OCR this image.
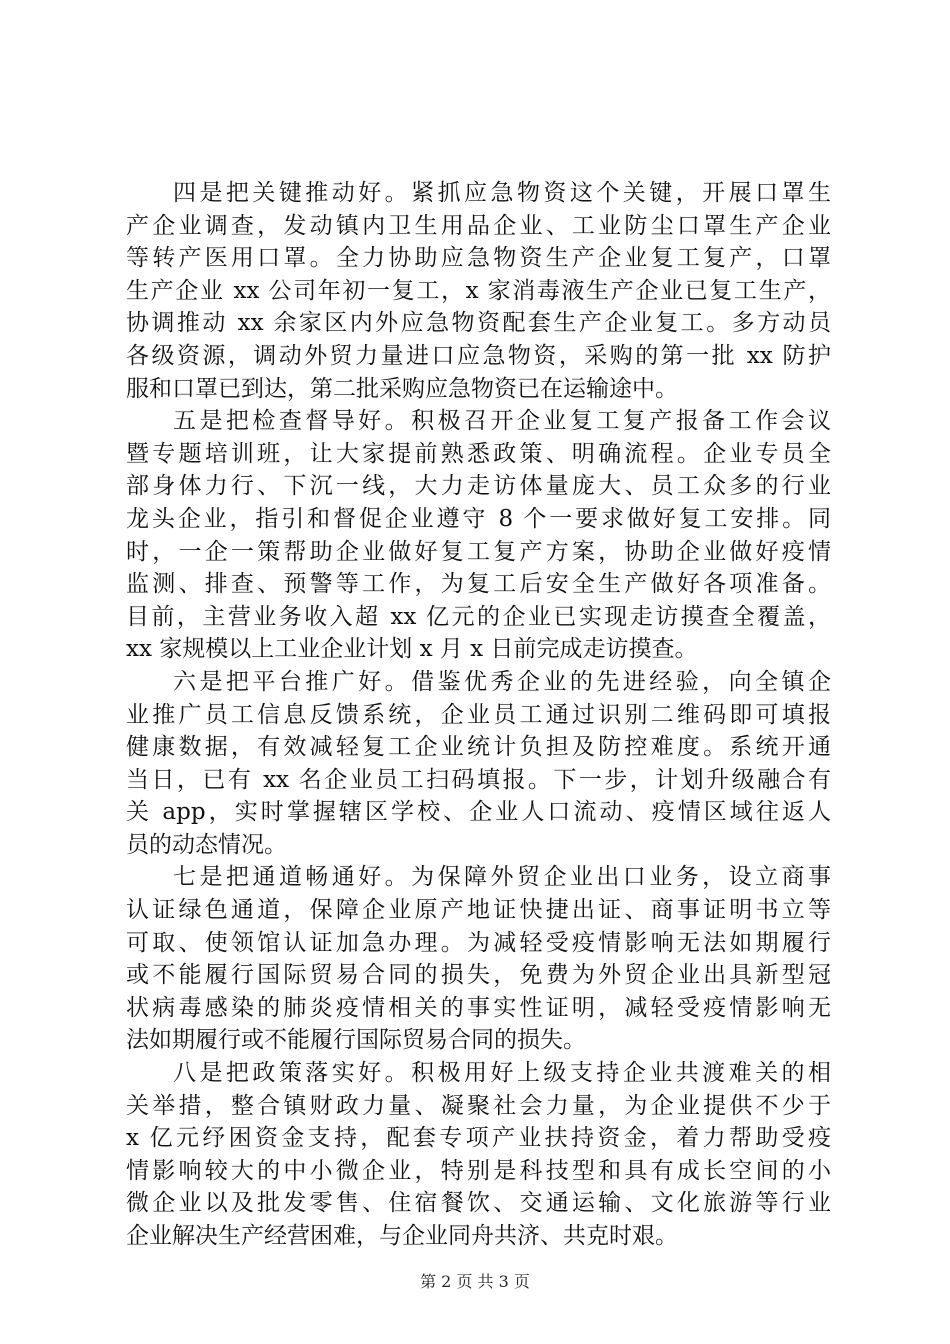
四是把关键推动好。紧抓应急物资这个关键，开展口罩生
产企业调查，发动镇内卫生用品企业、工业防尘口罩生产企业
等转产医用口罩。全力协助应急物资生产企业复工复产，口罩
生产企业 xx 公司年初一复工，x 家消毒液生产企业已复工生产，
协调推动 xx 余家区内外应急物资配套生产企业复工。多方动员
各级资源，调动外贸力量进口应急物资，采购的第一批 xx 防护
服和口罩已到达，第二批采购应急物资已在运输途中。
五是把检查督导好。积极召开企业复工复产报备工作会议
暨专题培训班，让大家提前熟悉政策、明确流程。企业专员全
部身体力行、下沉一线，大力走访体量庞大、员工众多的行业
龙头企业，指引和督促企业遵守 8 个一要求做好复工安排。同
时，一企一策帮助企业做好复工复产方案，协助企业做好疫情
监测、排查、预警等工作，为复工后安全生产做好各项准备。
目前，主营业务收入超 xx 亿元的企业已实现走访摸查全覆盖，
xx 家规模以上工业企业计划 x 月 x 日前完成走访摸查。
六是把平台推广好。借鉴优秀企业的先进经验，向全镇企
业推广员工信息反馈系统，企业员工通过识别二维码即可填报
健康数据，有效减轻复工企业统计负担及防控难度。系统开通
当日，已有 xx 名企业员工扫码填报。下一步，计划升级融合有
关 app，实时掌握辖区学校、企业人口流动、疫情区域往返人
员的动态情况。
七是把通道畅通好。为保障外贸企业出口业务，设立商事
认证绿色通道，保障企业原产地证快捷出证、商事证明书立等
可取、使领馆认证加急办理。为减轻受疫情影响无法如期履行
或不能履行国际贸易合同的损失，免费为外贸企业出具新型冠
状病毒感染的肺炎疫情相关的事实性证明，减轻受疫情影响无
法如期履行或不能履行国际贸易合同的损失。
八是把政策落实好。积极用好上级支持企业共渡难关的相
关举措，整合镇财政力量、凝聚社会力量，为企业提供不少于
x 亿元纾困资金支持，配套专项产业扶持资金，着力帮助受疫
情影响较大的中小微企业，特别是科技型和具有成长空间的小
微企业以及批发零售、住宿餐饮、交通运输、文化旅游等行业
企业解决生产经营困难，与企业同舟共济、共克时艰。
第 2 页 共 3 页
